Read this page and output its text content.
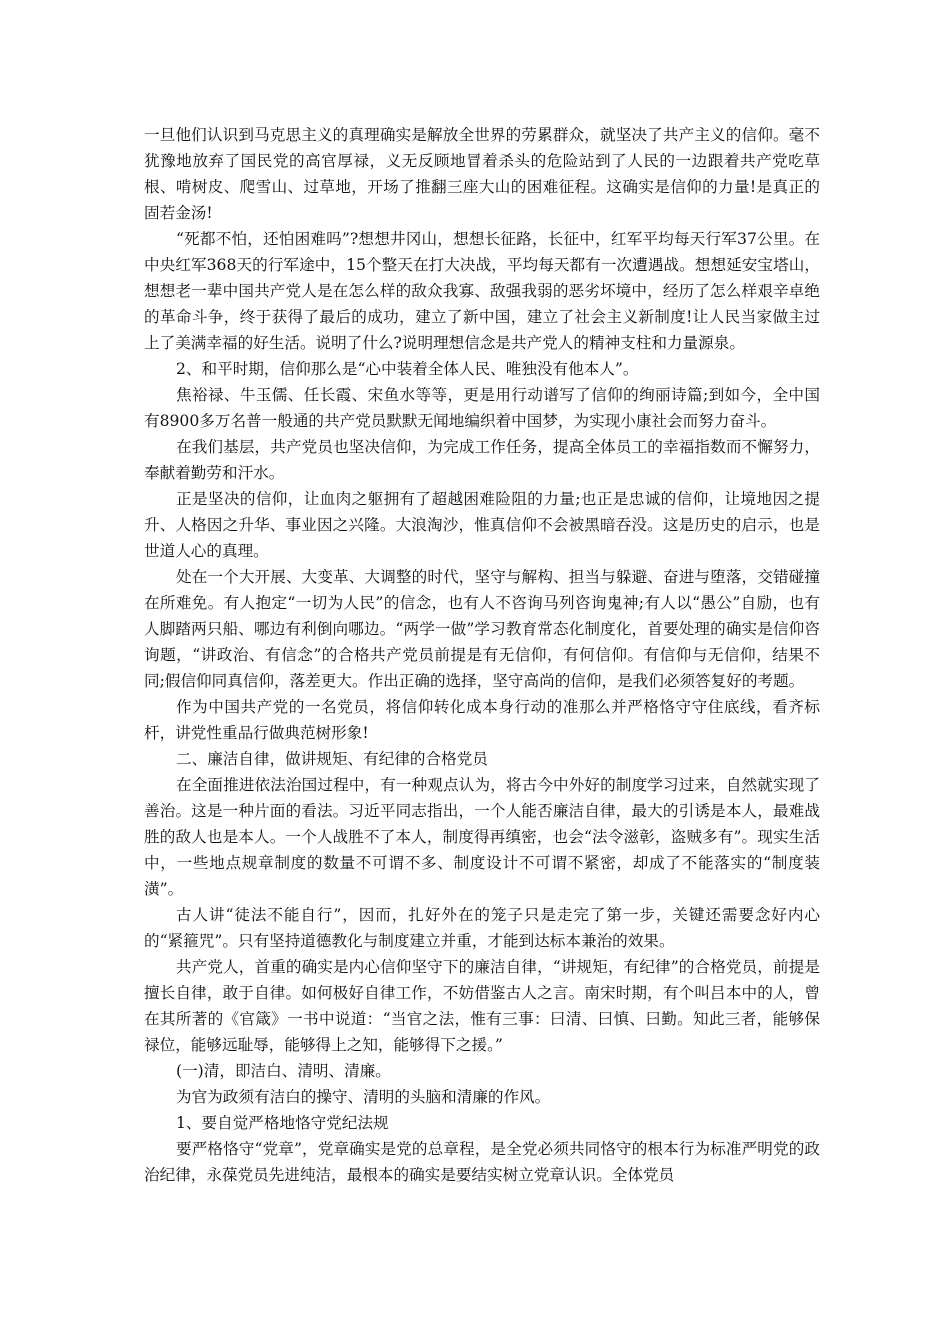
一旦他们认识到马克思主义的真理确实是解放全世界的劳累群众，就坚决了共产主义的信仰。毫不犹豫地放弃了国民党的高官厚禄，义无反顾地冒着杀头的危险站到了人民的一边跟着共产党吃草根、啃树皮、爬雪山、过草地，开场了推翻三座大山的困难征程。这确实是信仰的力量!是真正的固若金汤!

“死都不怕，还怕困难吗”?想想井冈山，想想长征路，长征中，红军平均每天行军37公里。在中央红军368天的行军途中，15个整天在打大决战，平均每天都有一次遭遇战。想想延安宝塔山，想想老一辈中国共产党人是在怎么样的敌众我寡、敌强我弱的恶劣坏境中，经历了怎么样艰辛卓绝的革命斗争，终于获得了最后的成功，建立了新中国，建立了社会主义新制度!让人民当家做主过上了美满幸福的好生活。说明了什么?说明理想信念是共产党人的精神支柱和力量源泉。

2、和平时期，信仰那么是“心中装着全体人民、唯独没有他本人”。

焦裕禄、牛玉儒、任长霞、宋鱼水等等，更是用行动谱写了信仰的绚丽诗篇;到如今，全中国有8900多万名普一般通的共产党员默默无闻地编织着中国梦，为实现小康社会而努力奋斗。

在我们基层，共产党员也坚决信仰，为完成工作任务，提高全体员工的幸福指数而不懈努力，奉献着勤劳和汗水。

正是坚决的信仰，让血肉之躯拥有了超越困难险阻的力量;也正是忠诚的信仰，让境地因之提升、人格因之升华、事业因之兴隆。大浪淘沙，惟真信仰不会被黑暗吞没。这是历史的启示，也是世道人心的真理。

处在一个大开展、大变革、大调整的时代，坚守与解构、担当与躲避、奋进与堕落，交错碰撞在所难免。有人抱定“一切为人民”的信念，也有人不咨询马列咨询鬼神;有人以“愚公”自励，也有人脚踏两只船、哪边有利倒向哪边。“两学一做”学习教育常态化制度化，首要处理的确实是信仰咨询题，“讲政治、有信念”的合格共产党员前提是有无信仰，有何信仰。有信仰与无信仰，结果不同;假信仰同真信仰，落差更大。作出正确的选择，坚守高尚的信仰，是我们必须答复好的考题。

作为中国共产党的一名党员，将信仰转化成本身行动的准那么并严格恪守守住底线，看齐标杆，讲党性重品行做典范树形象!

二、廉洁自律，做讲规矩、有纪律的合格党员

在全面推进依法治国过程中，有一种观点认为，将古今中外好的制度学习过来，自然就实现了善治。这是一种片面的看法。习近平同志指出，一个人能否廉洁自律，最大的引诱是本人，最难战胜的敌人也是本人。一个人战胜不了本人，制度得再缜密，也会“法令滋彰，盗贼多有”。现实生活中，一些地点规章制度的数量不可谓不多、制度设计不可谓不紧密，却成了不能落实的“制度装潢”。

古人讲“徒法不能自行”，因而，扎好外在的笼子只是走完了第一步，关键还需要念好内心的“紧箍咒”。只有坚持道德教化与制度建立并重，才能到达标本兼治的效果。

共产党人，首重的确实是内心信仰坚守下的廉洁自律，“讲规矩，有纪律”的合格党员，前提是擅长自律，敢于自律。如何极好自律工作，不妨借鉴古人之言。南宋时期，有个叫吕本中的人，曾在其所著的《官箴》一书中说道：“当官之法，惟有三事：曰清、曰慎、曰勤。知此三者，能够保禄位，能够远耻辱，能够得上之知，能够得下之援。”

(一)清，即洁白、清明、清廉。

为官为政须有洁白的操守、清明的头脑和清廉的作风。

1、要自觉严格地恪守党纪法规

要严格恪守“党章”，党章确实是党的总章程，是全党必须共同恪守的根本行为标准严明党的政治纪律，永葆党员先进纯洁，最根本的确实是要结实树立党章认识。全体党员
